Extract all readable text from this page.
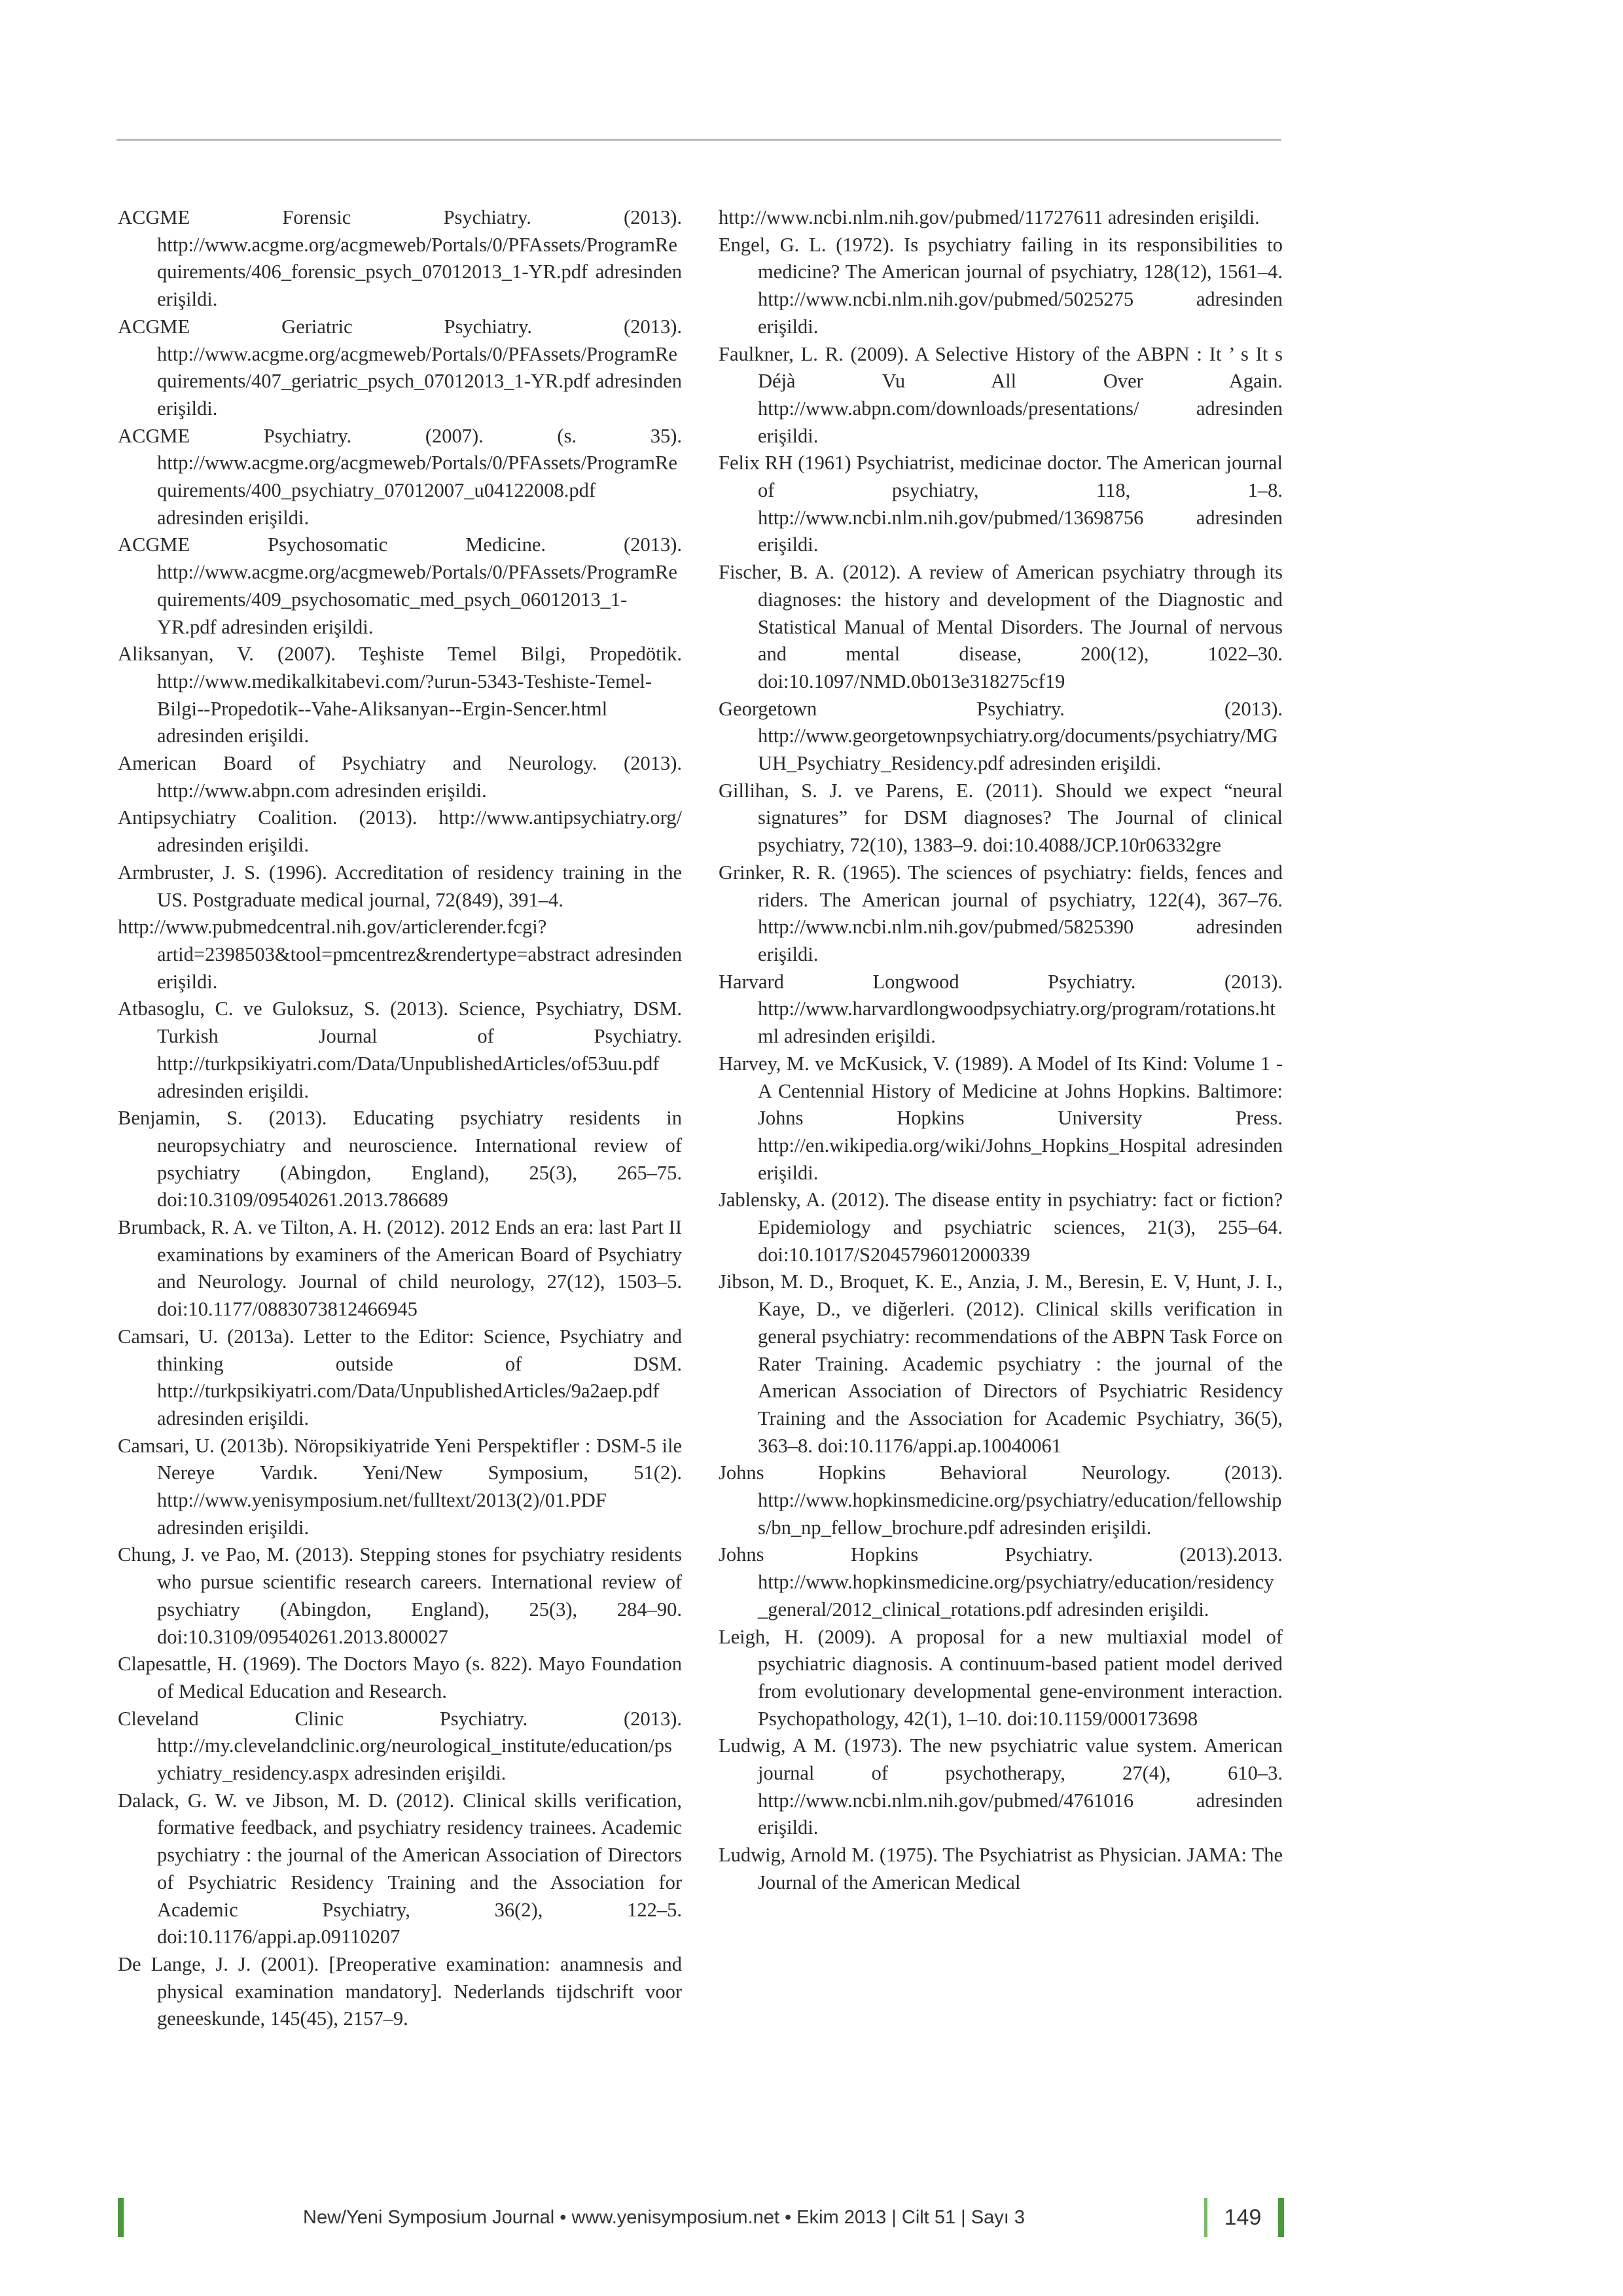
ACGME Forensic Psychiatry. (2013). http://www.acgme.org/acgmeweb/Portals/0/PFAssets/ProgramRequirements/406_forensic_psych_07012013_1-YR.pdf adresinden erişildi.
ACGME Geriatric Psychiatry. (2013). http://www.acgme.org/acgmeweb/Portals/0/PFAssets/ProgramRequirements/407_geriatric_psych_07012013_1-YR.pdf adresinden erişildi.
ACGME Psychiatry. (2007). (s. 35). http://www.acgme.org/acgmeweb/Portals/0/PFAssets/ProgramRequirements/400_psychiatry_07012007_u04122008.pdf adresinden erişildi.
ACGME Psychosomatic Medicine. (2013). http://www.acgme.org/acgmeweb/Portals/0/PFAssets/ProgramRequirements/409_psychosomatic_med_psych_06012013_1-YR.pdf adresinden erişildi.
Aliksanyan, V. (2007). Teşhiste Temel Bilgi, Propedötik. http://www.medikalkitabevi.com/?urun-5343-Teshiste-Temel-Bilgi--Propedotik--Vahe-Aliksanyan--Ergin-Sencer.html adresinden erişildi.
American Board of Psychiatry and Neurology. (2013). http://www.abpn.com adresinden erişildi.
Antipsychiatry Coalition. (2013). http://www.antipsychiatry.org/ adresinden erişildi.
Armbruster, J. S. (1996). Accreditation of residency training in the US. Postgraduate medical journal, 72(849), 391–4.
http://www.pubmedcentral.nih.gov/articlerender.fcgi?artid=2398503&tool=pmcentrez&rendertype=abstract adresinden erişildi.
Atbasoglu, C. ve Guloksuz, S. (2013). Science, Psychiatry, DSM. Turkish Journal of Psychiatry. http://turkpsikiyatri.com/Data/UnpublishedArticles/of53uu.pdf adresinden erişildi.
Benjamin, S. (2013). Educating psychiatry residents in neuropsychiatry and neuroscience. International review of psychiatry (Abingdon, England), 25(3), 265–75. doi:10.3109/09540261.2013.786689
Brumback, R. A. ve Tilton, A. H. (2012). 2012 Ends an era: last Part II examinations by examiners of the American Board of Psychiatry and Neurology. Journal of child neurology, 27(12), 1503–5. doi:10.1177/0883073812466945
Camsari, U. (2013a). Letter to the Editor: Science, Psychiatry and thinking outside of DSM. http://turkpsikiyatri.com/Data/UnpublishedArticles/9a2aep.pdf adresinden erişildi.
Camsari, U. (2013b). Nöropsikiyatride Yeni Perspektifler : DSM-5 ile Nereye Vardık. Yeni/New Symposium, 51(2). http://www.yenisymposium.net/fulltext/2013(2)/01.PDF adresinden erişildi.
Chung, J. ve Pao, M. (2013). Stepping stones for psychiatry residents who pursue scientific research careers. International review of psychiatry (Abingdon, England), 25(3), 284–90. doi:10.3109/09540261.2013.800027
Clapesattle, H. (1969). The Doctors Mayo (s. 822). Mayo Foundation of Medical Education and Research.
Cleveland Clinic Psychiatry. (2013). http://my.clevelandclinic.org/neurological_institute/education/psychiatry_residency.aspx adresinden erişildi.
Dalack, G. W. ve Jibson, M. D. (2012). Clinical skills verification, formative feedback, and psychiatry residency trainees. Academic psychiatry : the journal of the American Association of Directors of Psychiatric Residency Training and the Association for Academic Psychiatry, 36(2), 122–5. doi:10.1176/appi.ap.09110207
De Lange, J. J. (2001). [Preoperative examination: anamnesis and physical examination mandatory]. Nederlands tijdschrift voor geneeskunde, 145(45), 2157–9.
http://www.ncbi.nlm.nih.gov/pubmed/11727611 adresinden erişildi.
Engel, G. L. (1972). Is psychiatry failing in its responsibilities to medicine? The American journal of psychiatry, 128(12), 1561–4. http://www.ncbi.nlm.nih.gov/pubmed/5025275 adresinden erişildi.
Faulkner, L. R. (2009). A Selective History of the ABPN : It ’ s It s Déjà Vu All Over Again. http://www.abpn.com/downloads/presentations/ adresinden erişildi.
Felix RH (1961) Psychiatrist, medicinae doctor. The American journal of psychiatry, 118, 1–8. http://www.ncbi.nlm.nih.gov/pubmed/13698756 adresinden erişildi.
Fischer, B. A. (2012). A review of American psychiatry through its diagnoses: the history and development of the Diagnostic and Statistical Manual of Mental Disorders. The Journal of nervous and mental disease, 200(12), 1022–30. doi:10.1097/NMD.0b013e318275cf19
Georgetown Psychiatry. (2013). http://www.georgetownpsychiatry.org/documents/psychiatry/MGUH_Psychiatry_Residency.pdf adresinden erişildi.
Gillihan, S. J. ve Parens, E. (2011). Should we expect “neural signatures” for DSM diagnoses? The Journal of clinical psychiatry, 72(10), 1383–9. doi:10.4088/JCP.10r06332gre
Grinker, R. R. (1965). The sciences of psychiatry: fields, fences and riders. The American journal of psychiatry, 122(4), 367–76. http://www.ncbi.nlm.nih.gov/pubmed/5825390 adresinden erişildi.
Harvard Longwood Psychiatry. (2013). http://www.harvardlongwoodpsychiatry.org/program/rotations.html adresinden erişildi.
Harvey, M. ve McKusick, V. (1989). A Model of Its Kind: Volume 1 - A Centennial History of Medicine at Johns Hopkins. Baltimore: Johns Hopkins University Press. http://en.wikipedia.org/wiki/Johns_Hopkins_Hospital adresinden erişildi.
Jablensky, A. (2012). The disease entity in psychiatry: fact or fiction? Epidemiology and psychiatric sciences, 21(3), 255–64. doi:10.1017/S2045796012000339
Jibson, M. D., Broquet, K. E., Anzia, J. M., Beresin, E. V, Hunt, J. I., Kaye, D., ve diğerleri. (2012). Clinical skills verification in general psychiatry: recommendations of the ABPN Task Force on Rater Training. Academic psychiatry : the journal of the American Association of Directors of Psychiatric Residency Training and the Association for Academic Psychiatry, 36(5), 363–8. doi:10.1176/appi.ap.10040061
Johns Hopkins Behavioral Neurology. (2013). http://www.hopkinsmedicine.org/psychiatry/education/fellowships/bn_np_fellow_brochure.pdf adresinden erişildi.
Johns Hopkins Psychiatry. (2013).2013. http://www.hopkinsmedicine.org/psychiatry/education/residency_general/2012_clinical_rotations.pdf adresinden erişildi.
Leigh, H. (2009). A proposal for a new multiaxial model of psychiatric diagnosis. A continuum-based patient model derived from evolutionary developmental gene-environment interaction. Psychopathology, 42(1), 1–10. doi:10.1159/000173698
Ludwig, A M. (1973). The new psychiatric value system. American journal of psychotherapy, 27(4), 610–3. http://www.ncbi.nlm.nih.gov/pubmed/4761016 adresinden erişildi.
Ludwig, Arnold M. (1975). The Psychiatrist as Physician. JAMA: The Journal of the American Medical
New/Yeni Symposium Journal • www.yenisymposium.net • Ekim 2013 | Cilt 51 | Sayı 3	149
